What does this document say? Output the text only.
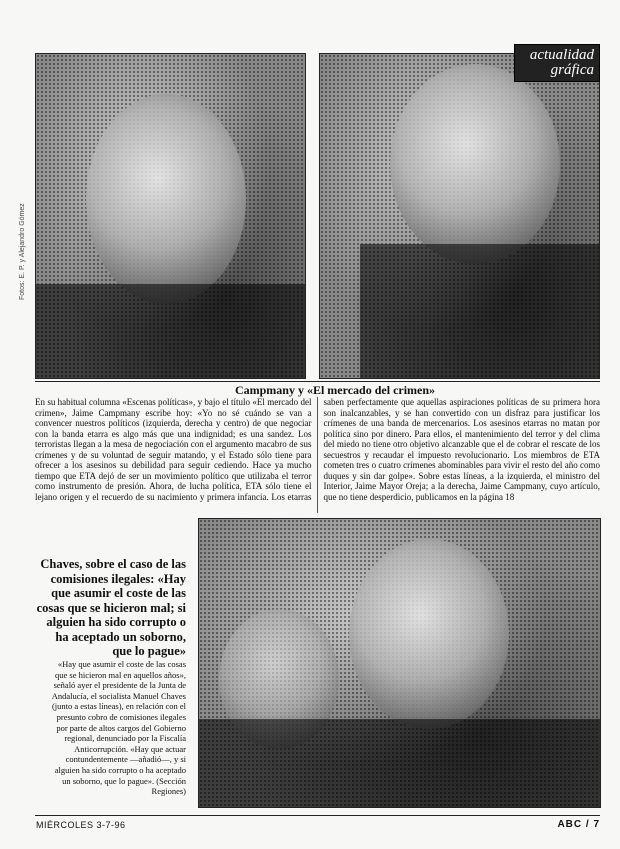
Fotos: E. P. y Alejandro Gómez
actualidad gráfica
Campmany y «El mercado del crimen»
En su habitual columna «Escenas políticas», y bajo el título «El mercado del crimen», Jaime Campmany escribe hoy: «Yo no sé cuándo se van a convencer nuestros políticos (izquierda, derecha y centro) de que negociar con la banda etarra es algo más que una indignidad; es una sandez. Los terroristas llegan a la mesa de negociación con el argumento macabro de sus crímenes y de su voluntad de seguir matando, y el Estado sólo tiene para ofrecer a los asesinos su debilidad para seguir cediendo. Hace ya mucho tiempo que ETA dejó de ser un movimiento político que utilizaba el terror como instrumento de presión. Ahora, de lucha política, ETA sólo tiene el lejano origen y el recuerdo de su nacimiento y primera infancia. Los etarras saben perfectamente que aquellas aspiraciones políticas de su primera hora son inalcanzables, y se han convertido con un disfraz para justificar los crímenes de una banda de mercenarios. Los asesinos etarras no matan por política sino por dinero. Para ellos, el mantenimiento del terror y del clima del miedo no tiene otro objetivo alcanzable que el de cobrar el rescate de los secuestros y recaudar el impuesto revolucionario. Los miembros de ETA cometen tres o cuatro crímenes abominables para vivir el resto del año como duques y sin dar golpe». Sobre estas líneas, a la izquierda, el ministro del Interior, Jaime Mayor Oreja; a la derecha, Jaime Campmany, cuyo artículo, que no tiene desperdicio, publicamos en la página 18
Chaves, sobre el caso de las comisiones ilegales: «Hay que asumir el coste de las cosas que se hicieron mal; si alguien ha sido corrupto o ha aceptado un soborno, que lo pague»
«Hay que asumir el coste de las cosas que se hicieron mal en aquellos años», señaló ayer el presidente de la Junta de Andalucía, el socialista Manuel Chaves (junto a estas líneas), en relación con el presunto cobro de comisiones ilegales por parte de altos cargos del Gobierno regional, denunciado por la Fiscalía Anticorrupción. «Hay que actuar contundentemente —añadió—, y si alguien ha sido corrupto o ha aceptado un soborno, que lo pague». (Sección Regiones)
MIÉRCOLES 3-7-96	ABC / 7
